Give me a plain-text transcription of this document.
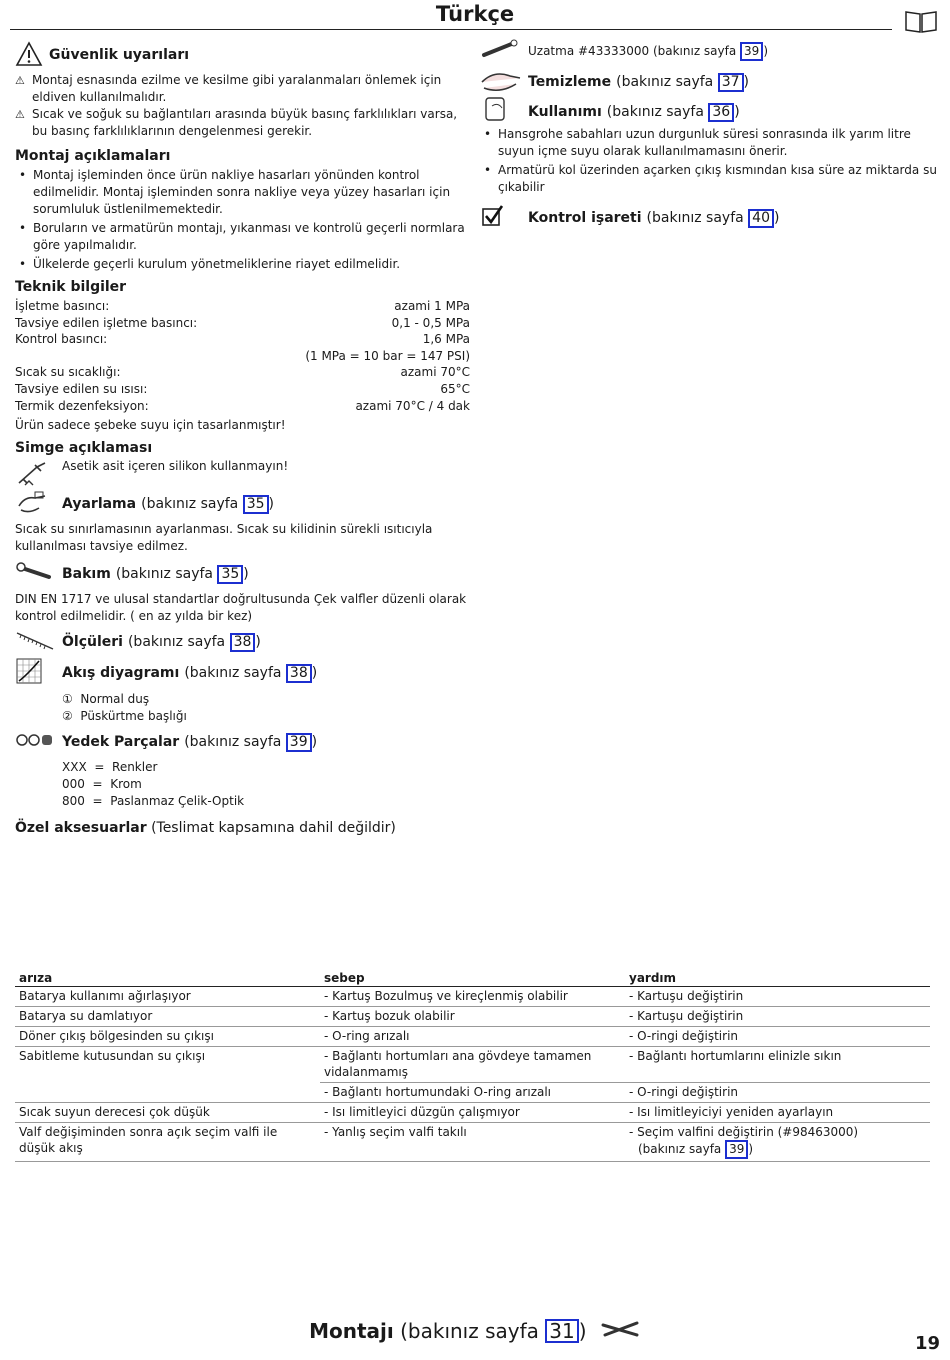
Türkçe
Güvenlik uyarıları
⚠ Montaj esnasında ezilme ve kesilme gibi yaralanmaları önlemek için eldiven kullanılmalıdır.
⚠ Sıcak ve soğuk su bağlantıları arasında büyük basınç farklılıkları varsa, bu basınç farklılıklarının dengelenmesi gerekir.
Montaj açıklamaları
• Montaj işleminden önce ürün nakliye hasarları yönünden kontrol edilmelidir. Montaj işleminden sonra nakliye veya yüzey hasarları için sorumluluk üstlenilmemektedir.
• Boruların ve armatürün montajı, yıkanması ve kontrolü geçerli normlara göre yapılmalıdır.
• Ülkelerde geçerli kurulum yönetmeliklerine riayet edilmelidir.
Teknik bilgiler
İşletme basıncı:	azami 1 MPa
Tavsiye edilen işletme basıncı:	0,1 - 0,5 MPa
Kontrol basıncı:	1,6 MPa
(1 MPa = 10 bar = 147 PSI)
Sıcak su sıcaklığı:	azami 70°C
Tavsiye edilen su ısısı:	65°C
Termik dezenfeksiyon:	azami 70°C / 4 dak

Ürün sadece şebeke suyu için tasarlanmıştır!

Simge açıklaması
Asetik asit içeren silikon kullanmayın!
Ayarlama (bakınız sayfa
35 )

Sıcak su sınırlamasının ayarlanması. Sıcak su kilidinin sürekli ısıtıcıyla kullanılması tavsiye edilmez.

Bakım (bakınız sayfa
35 )

DIN EN 1717 ve ulusal standartlar doğrultusunda Çek valfler düzenli olarak kontrol edilmelidir. ( en az yılda bir kez)

Ölçüleri (bakınız sayfa
38 )
Akış diyagramı (bakınız sayfa
38 )

① Normal duş

② Püskürtme başlığı

Yedek Parçalar (bakınız sayfa
39 )

XXX = Renkler

000 = Krom

800 = Paslanmaz Çelik-Optik

Özel aksesuarlar (Teslimat kapsamına dahil değildir)
Uzatma #43333000 (bakınız sayfa
39 )
Temizleme (bakınız sayfa
37 )
Kullanımı (bakınız sayfa
36 )
• Hansgrohe sabahları uzun durgunluk süresi sonrasında ilk yarım litre suyun içme suyu olarak kullanılmamasını önerir.
• Armatürü kol üzerinden açarken çıkış kısmından kısa süre az miktarda su çıkabilir
Kontrol işareti (bakınız sayfa
40 )
arıza	sebep	yardım
Batarya kullanımı ağırlaşıyor	- Kartuş Bozulmuş ve kireçlenmiş olabilir	- Kartuşu değiştirin
Batarya su damlatıyor	- Kartuş bozuk olabilir	- Kartuşu değiştirin
Döner çıkış bölgesinden su çıkışı	- O-ring arızalı	- O-ringi değiştirin
Sabitleme kutusundan su çıkışı	- Bağlantı hortumları ana gövdeye tamamen vidalanmamış	- Bağlantı hortumlarını elinizle sıkın
	- Bağlantı hortumundaki O-ring arızalı	- O-ringi değiştirin
Sıcak suyun derecesi çok düşük	- Isı limitleyici düzgün çalışmıyor	- Isı limitleyiciyi yeniden ayarlayın
Valf değişiminden sonra açık seçim valfi ile düşük akış	- Yanlış seçim valfi takılı	- Seçim valfini değiştirin (#98463000)
(bakınız sayfa 39 )
Montajı (bakınız sayfa 31 )
19
